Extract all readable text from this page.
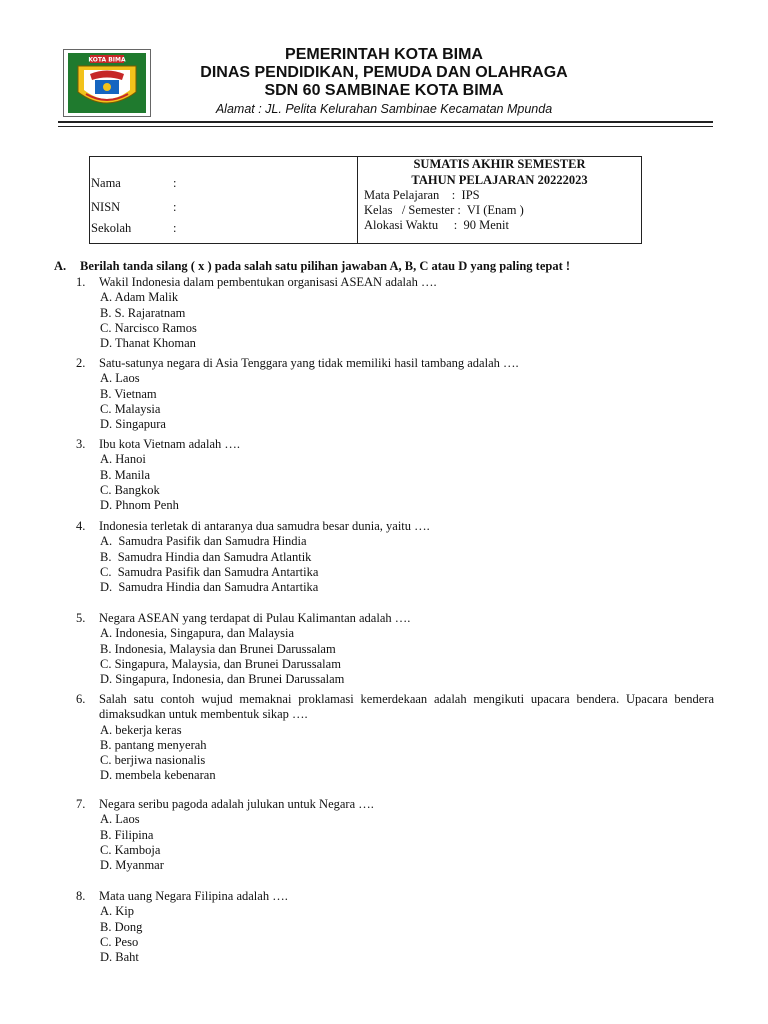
KOTA BIMA	PEMERINTAH KOTA BIMA
DINAS PENDIDIKAN, PEMUDA DAN OLAHRAGA
SDN 60 SAMBINAE KOTA BIMA
Alamat : JL. Pelita Kelurahan Sambinae Kecamatan Mpunda
Nama	:
NISN	:
Sekolah	:
SUMATIS AKHIR SEMESTER
TAHUN PELAJARAN 20222023
Mata Pelajaran    :  IPS
Kelas   / Semester :  VI (Enam )
Alokasi Waktu     :  90 Menit
A. Berilah tanda silang ( x ) pada salah satu pilihan jawaban A, B, C atau D yang paling tepat !
1.	Wakil Indonesia dalam pembentukan organisasi ASEAN adalah ….
A. Adam Malik
B. S. Rajaratnam
C. Narcisco Ramos
D. Thanat Khoman
2.	Satu-satunya negara di Asia Tenggara yang tidak memiliki hasil tambang adalah ….
A. Laos
B. Vietnam
C. Malaysia
D. Singapura
3.	Ibu kota Vietnam adalah ….
A. Hanoi
B. Manila
C. Bangkok
D. Phnom Penh
4.	Indonesia terletak di antaranya dua samudra besar dunia, yaitu ….
A.  Samudra Pasifik dan Samudra Hindia
B.  Samudra Hindia dan Samudra Atlantik
C.  Samudra Pasifik dan Samudra Antartika
D.  Samudra Hindia dan Samudra Antartika
5.	Negara ASEAN yang terdapat di Pulau Kalimantan adalah ….
A. Indonesia, Singapura, dan Malaysia
B. Indonesia, Malaysia dan Brunei Darussalam
C. Singapura, Malaysia, dan Brunei Darussalam
D. Singapura, Indonesia, dan Brunei Darussalam
6.	Salah satu contoh wujud memaknai proklamasi kemerdekaan adalah mengikuti upacara bendera. Upacara bendera dimaksudkan untuk membentuk sikap ….
A. bekerja keras
B. pantang menyerah
C. berjiwa nasionalis
D. membela kebenaran
7.	Negara seribu pagoda adalah julukan untuk Negara ….
A. Laos
B. Filipina
C. Kamboja
D. Myanmar
8.	Mata uang Negara Filipina adalah ….
A. Kip
B. Dong
C. Peso
D. Baht
